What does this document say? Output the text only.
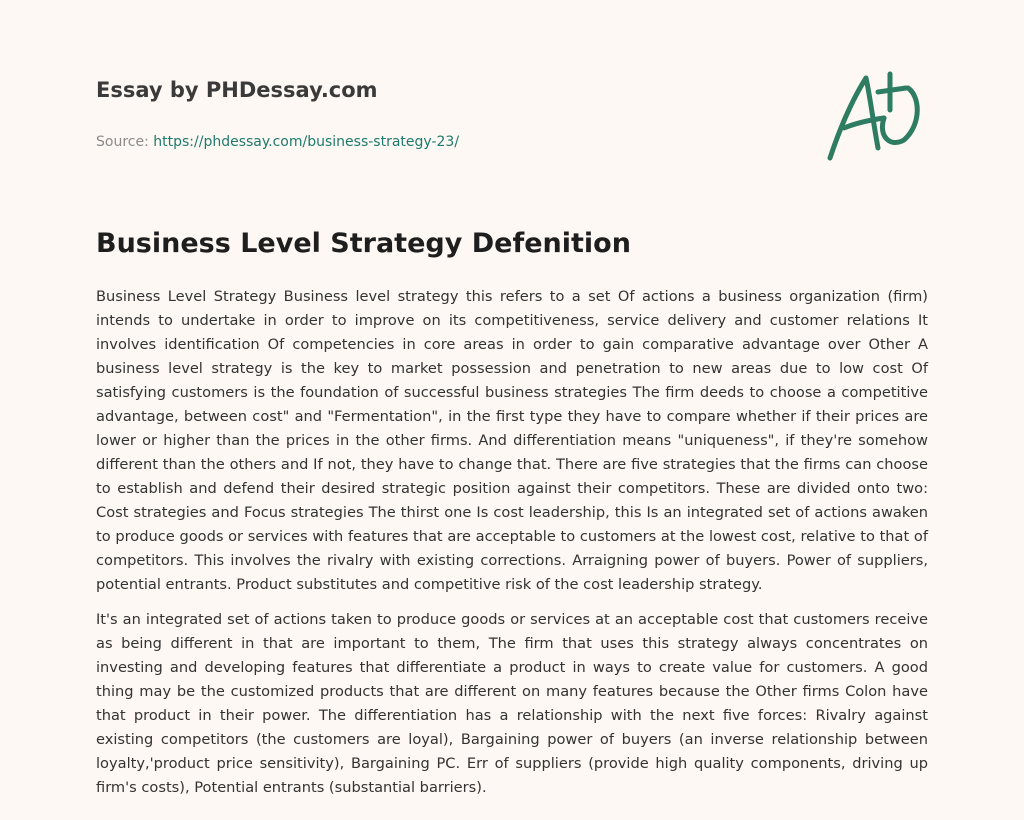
Essay by PHDessay.com
Source: https://phdessay.com/business-strategy-23/
Business Level Strategy Defenition

Business Level Strategy Business level strategy this refers to a set Of actions a business organization (firm) intends to undertake in order to improve on its competitiveness, service delivery and customer relations It involves identification Of competencies in core areas in order to gain comparative advantage over Other A business level strategy is the key to market possession and penetration to new areas due to low cost Of satisfying customers is the foundation of successful business strategies The firm deeds to choose a competitive advantage, between cost" and "Fermentation", in the first type they have to compare whether if their prices are lower or higher than the prices in the other firms. And differentiation means "uniqueness", if they're somehow different than the others and If not, they have to change that. There are five strategies that the firms can choose to establish and defend their desired strategic position against their competitors. These are divided onto two: Cost strategies and Focus strategies The thirst one Is cost leadership, this Is an integrated set of actions awaken to produce goods or services with features that are acceptable to customers at the lowest cost, relative to that of competitors. This involves the rivalry with existing corrections. Arraigning power of buyers. Power of suppliers, potential entrants. Product substitutes and competitive risk of the cost leadership strategy.

It's an integrated set of actions taken to produce goods or services at an acceptable cost that customers receive as being different in that are important to them, The firm that uses this strategy always concentrates on investing and developing features that differentiate a product in ways to create value for customers. A good thing may be the customized products that are different on many features because the Other firms Colon have that product in their power. The differentiation has a relationship with the next five forces: Rivalry against existing competitors (the customers are loyal), Bargaining power of buyers (an inverse relationship between loyalty,'product price sensitivity), Bargaining PC. Err of suppliers (provide high quality components, driving up firm's costs), Potential entrants (substantial barriers).
